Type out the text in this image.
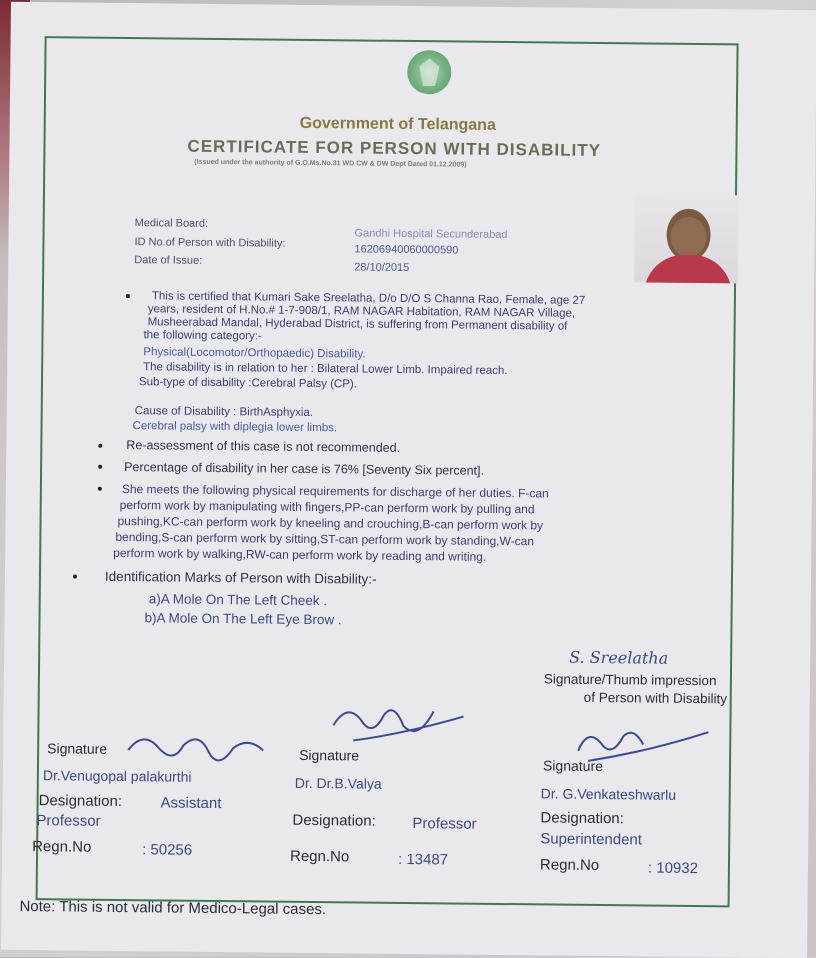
Government of Telangana
CERTIFICATE FOR PERSON WITH DISABILITY
(Issued under the authority of G.O.Ms.No.31 WD CW & DW Dept Dated 01.12.2009)
Medical Board:
Gandhi Hospital Secunderabad
ID No.of Person with Disability:
16206940060000590
Date of Issue:
28/10/2015
This is certified that Kumari Sake Sreelatha, D/o D/O S Channa Rao, Female, age 27
years, resident of H.No.# 1-7-908/1, RAM NAGAR Habitation, RAM NAGAR Village,
Musheerabad Mandal, Hyderabad District, is suffering from Permanent disability of
the following category:-
Physical(Locomotor/Orthopaedic) Disability.
The disability is in relation to her : Bilateral Lower Limb. Impaired reach.
Sub-type of disability :Cerebral Palsy (CP).
Cause of Disability : BirthAsphyxia.
Cerebral palsy with diplegia lower limbs.
Re-assessment of this case is not recommended.
Percentage of disability in her case is 76% [Seventy Six percent].
She meets the following physical requirements for discharge of her duties. F-can
perform work by manipulating with fingers,PP-can perform work by pulling and
pushing,KC-can perform work by kneeling and crouching,B-can perform work by
bending,S-can perform work by sitting,ST-can perform work by standing,W-can
perform work by walking,RW-can perform work by reading and writing.
Identification Marks of Person with Disability:-
a)A Mole On The Left Cheek .
b)A Mole On The Left Eye Brow .
S. Sreelatha
Signature/Thumb impression
of Person with Disability
Signature
Dr.Venugopal palakurthi
Designation:	Assistant
Professor
Regn.No	: 50256
Signature
Dr. Dr.B.Valya
Designation: Professor
Regn.No	: 13487
Signature
Dr. G.Venkateshwarlu
Designation:
Superintendent
Regn.No	: 10932
Note: This is not valid for Medico-Legal cases.
